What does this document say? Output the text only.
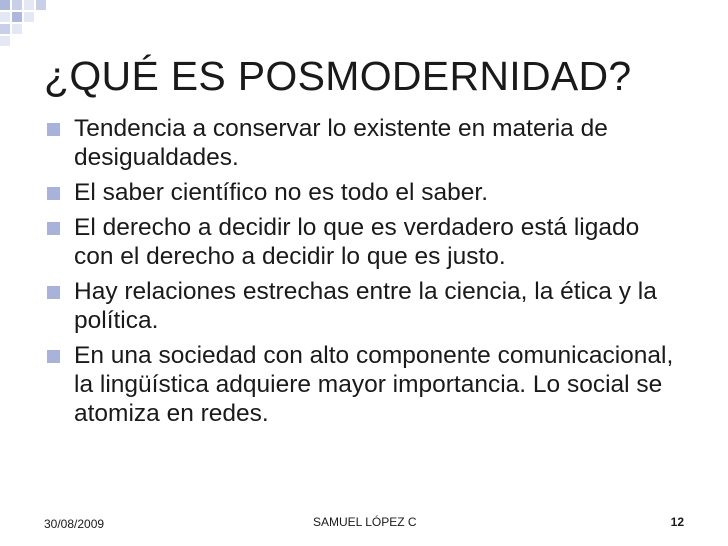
¿QUÉ ES POSMODERNIDAD?
Tendencia a conservar lo existente en materia de desigualdades.
El saber científico no es todo el saber.
El derecho a decidir lo que es verdadero está ligado con el derecho a decidir lo que es justo.
Hay relaciones estrechas entre la ciencia, la ética y la política.
En una sociedad con alto componente comunicacional, la lingüística adquiere mayor importancia. Lo social se atomiza en redes.
30/08/2009	SAMUEL LÓPEZ C	12
